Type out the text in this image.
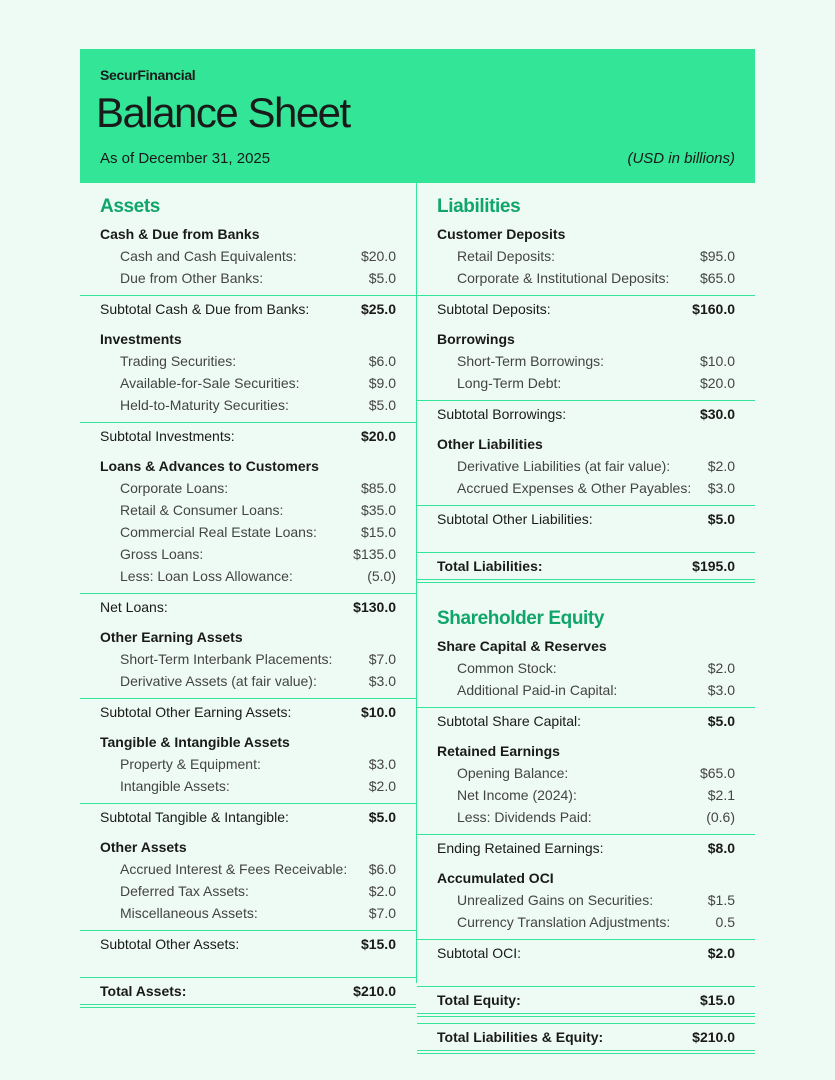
SecurFinancial
Balance Sheet
As of December 31, 2025	(USD in billions)
Assets
Cash & Due from Banks
Cash and Cash Equivalents:	$20.0
Due from Other Banks:	$5.0
Subtotal Cash & Due from Banks:	$25.0
Investments
Trading Securities:	$6.0
Available-for-Sale Securities:	$9.0
Held-to-Maturity Securities:	$5.0
Subtotal Investments:	$20.0
Loans & Advances to Customers
Corporate Loans:	$85.0
Retail & Consumer Loans:	$35.0
Commercial Real Estate Loans:	$15.0
Gross Loans:	$135.0
Less: Loan Loss Allowance:	(5.0)
Net Loans:	$130.0
Other Earning Assets
Short-Term Interbank Placements:	$7.0
Derivative Assets (at fair value):	$3.0
Subtotal Other Earning Assets:	$10.0
Tangible & Intangible Assets
Property & Equipment:	$3.0
Intangible Assets:	$2.0
Subtotal Tangible & Intangible:	$5.0
Other Assets
Accrued Interest & Fees Receivable: $6.0
Deferred Tax Assets:	$2.0
Miscellaneous Assets:	$7.0
Subtotal Other Assets:	$15.0
Total Assets:	$210.0
Liabilities
Customer Deposits
Retail Deposits:	$95.0
Corporate & Institutional Deposits: $65.0
Subtotal Deposits:	$160.0
Borrowings
Short-Term Borrowings:	$10.0
Long-Term Debt:	$20.0
Subtotal Borrowings:	$30.0
Other Liabilities
Derivative Liabilities (at fair value):	$2.0
Accrued Expenses & Other Payables: $3.0
Subtotal Other Liabilities:	$5.0
Total Liabilities:	$195.0
Shareholder Equity
Share Capital & Reserves
Common Stock:	$2.0
Additional Paid-in Capital:	$3.0
Subtotal Share Capital:	$5.0
Retained Earnings
Opening Balance:	$65.0
Net Income (2024):	$2.1
Less: Dividends Paid:	(0.6)
Ending Retained Earnings:	$8.0
Accumulated OCI
Unrealized Gains on Securities:	$1.5
Currency Translation Adjustments:	0.5
Subtotal OCI:	$2.0
Total Equity:	$15.0
Total Liabilities & Equity:	$210.0
